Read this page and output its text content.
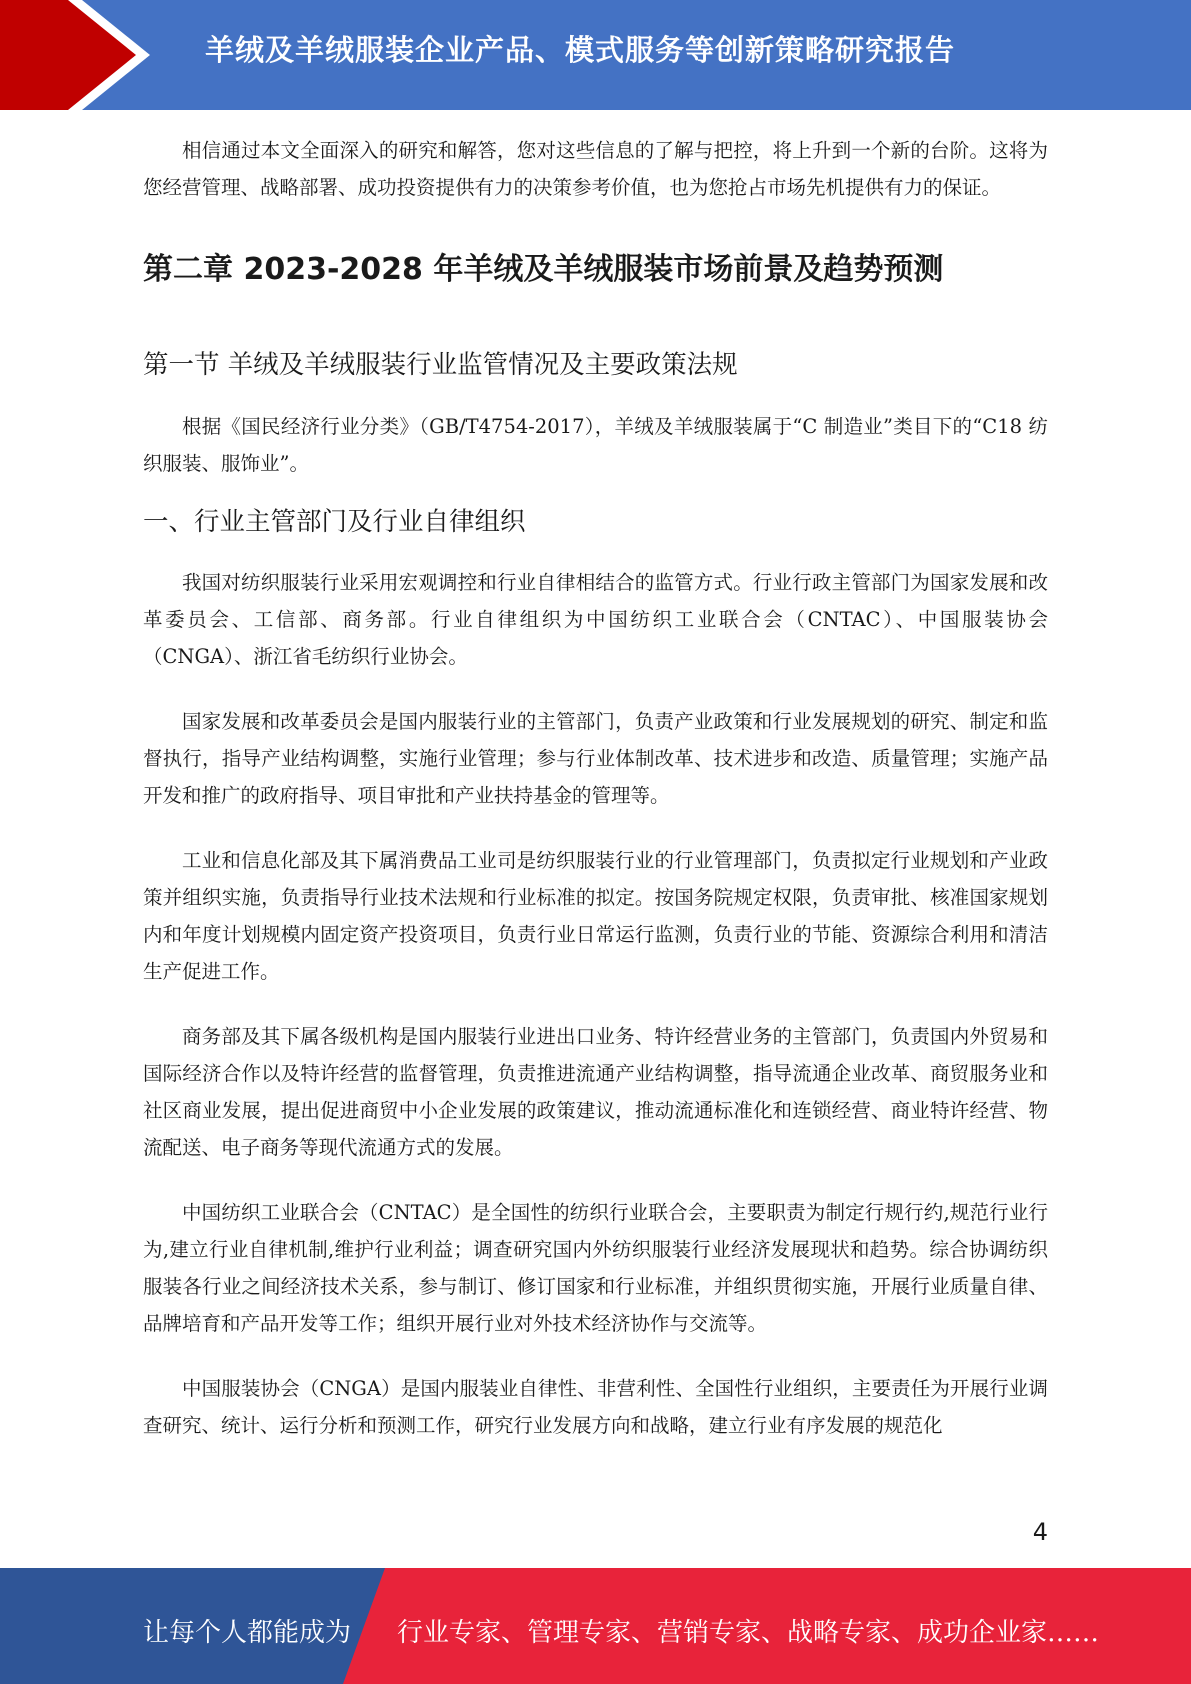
羊绒及羊绒服装企业产品、模式服务等创新策略研究报告

相信通过本文全面深入的研究和解答，您对这些信息的了解与把控，将上升到一个新的台阶。这将为您经营管理、战略部署、成功投资提供有力的决策参考价值，也为您抢占市场先机提供有力的保证。

第二章 2023-2028 年羊绒及羊绒服装市场前景及趋势预测
第一节 羊绒及羊绒服装行业监管情况及主要政策法规

根据《国民经济行业分类》（GB/T4754-2017），羊绒及羊绒服装属于“C 制造业”类目下的“C18 纺织服装、服饰业”。

一、行业主管部门及行业自律组织

我国对纺织服装行业采用宏观调控和行业自律相结合的监管方式。行业行政主管部门为国家发展和改革委员会、工信部、商务部。行业自律组织为中国纺织工业联合会（CNTAC）、中国服装协会（CNGA）、浙江省毛纺织行业协会。

国家发展和改革委员会是国内服装行业的主管部门，负责产业政策和行业发展规划的研究、制定和监督执行，指导产业结构调整，实施行业管理；参与行业体制改革、技术进步和改造、质量管理；实施产品开发和推广的政府指导、项目审批和产业扶持基金的管理等。

工业和信息化部及其下属消费品工业司是纺织服装行业的行业管理部门，负责拟定行业规划和产业政策并组织实施，负责指导行业技术法规和行业标准的拟定。按国务院规定权限，负责审批、核准国家规划内和年度计划规模内固定资产投资项目，负责行业日常运行监测，负责行业的节能、资源综合利用和清洁生产促进工作。

商务部及其下属各级机构是国内服装行业进出口业务、特许经营业务的主管部门，负责国内外贸易和国际经济合作以及特许经营的监督管理，负责推进流通产业结构调整，指导流通企业改革、商贸服务业和社区商业发展，提出促进商贸中小企业发展的政策建议，推动流通标准化和连锁经营、商业特许经营、物流配送、电子商务等现代流通方式的发展。

中国纺织工业联合会（CNTAC）是全国性的纺织行业联合会，主要职责为制定行规行约,规范行业行为,建立行业自律机制,维护行业利益；调查研究国内外纺织服装行业经济发展现状和趋势。综合协调纺织服装各行业之间经济技术关系，参与制订、修订国家和行业标准，并组织贯彻实施，开展行业质量自律、品牌培育和产品开发等工作；组织开展行业对外技术经济协作与交流等。

中国服装协会（CNGA）是国内服装业自律性、非营利性、全国性行业组织，主要责任为开展行业调查研究、统计、运行分析和预测工作，研究行业发展方向和战略，建立行业有序发展的规范化

4
让每个人都能成为 行业专家、管理专家、营销专家、战略专家、成功企业家……
